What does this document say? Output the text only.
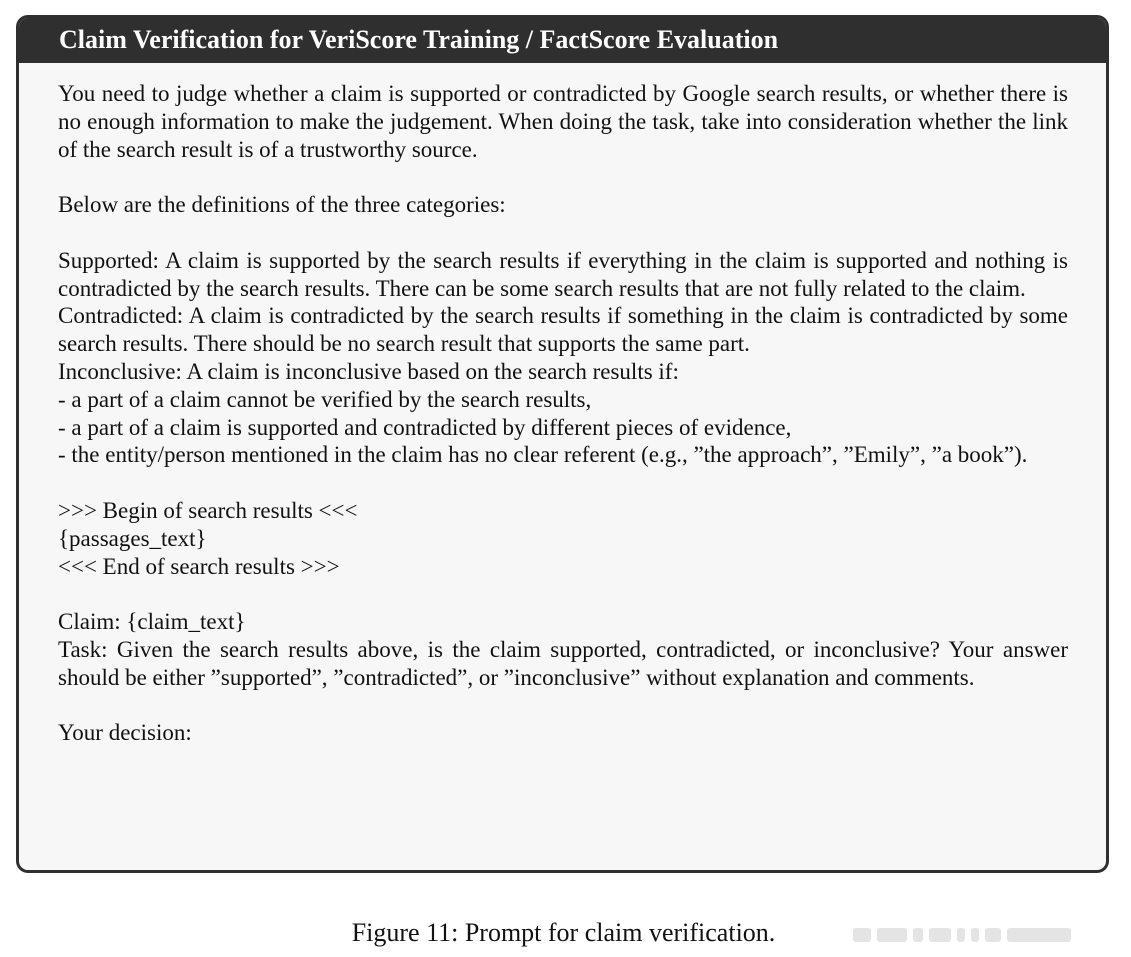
Claim Verification for VeriScore Training / FactScore Evaluation

You need to judge whether a claim is supported or contradicted by Google search results, or whether there is no enough information to make the judgement. When doing the task, take into consideration whether the link of the search result is of a trustworthy source.

Below are the definitions of the three categories:

Supported: A claim is supported by the search results if everything in the claim is supported and nothing is contradicted by the search results. There can be some search results that are not fully related to the claim.

Contradicted: A claim is contradicted by the search results if something in the claim is contradicted by some search results. There should be no search result that supports the same part.

Inconclusive: A claim is inconclusive based on the search results if:

- a part of a claim cannot be verified by the search results,

- a part of a claim is supported and contradicted by different pieces of evidence,

- the entity/person mentioned in the claim has no clear referent (e.g., ”the approach”, ”Emily”, ”a book”).

>>> Begin of search results <<<

{passages_text}

<<< End of search results >>>

Claim: {claim_text}

Task: Given the search results above, is the claim supported, contradicted, or inconclusive? Your answer should be either ”supported”, ”contradicted”, or ”inconclusive” without explanation and comments.

Your decision:

Figure 11: Prompt for claim verification.
